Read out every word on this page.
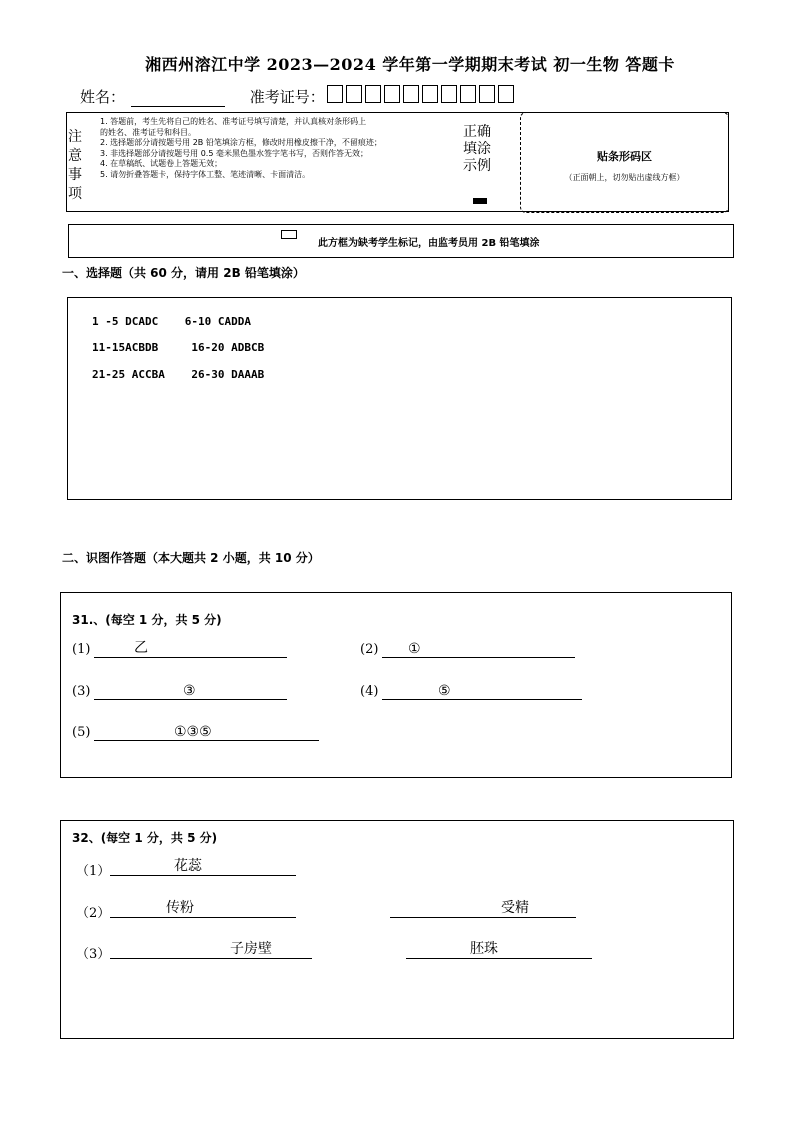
湘西州溶江中学 2023—2024 学年第一学期期末考试 初一生物 答题卡
姓名：	准考证号：
注
意
事
项
1. 答题前，考生先将自己的姓名、准考证号填写清楚，并认真核对条形码上
的姓名、准考证号和科目。
2. 选择题部分请按题号用 2B 铅笔填涂方框，修改时用橡皮擦干净，不留痕迹；
3. 非选择题部分请按题号用 0.5 毫米黑色墨水签字笔书写，否则作答无效；
4. 在草稿纸、试题卷上答题无效；
5. 请勿折叠答题卡，保持字体工整、笔迹清晰、卡面清洁。
正确
填涂
示例
贴条形码区
（正面朝上，切勿贴出虚线方框）
此方框为缺考学生标记，由监考员用 2B 铅笔填涂
一、选择题（共 60 分，请用 2B 铅笔填涂）
1 -5 DCADC    6-10 CADDA
11-15ACBDB     16-20 ADBCB
21-25 ACCBA    26-30 DAAAB
二、识图作答题（本大题共 2 小题，共 10 分）
31.、(每空 1 分，共 5 分)
(1)	乙	(2) ①
(3)	③	(4)	⑤
(5)	①③⑤
32、(每空 1 分，共 5 分)
（1）	花蕊
（2）	传粉	受精
（3）	子房壁	胚珠
